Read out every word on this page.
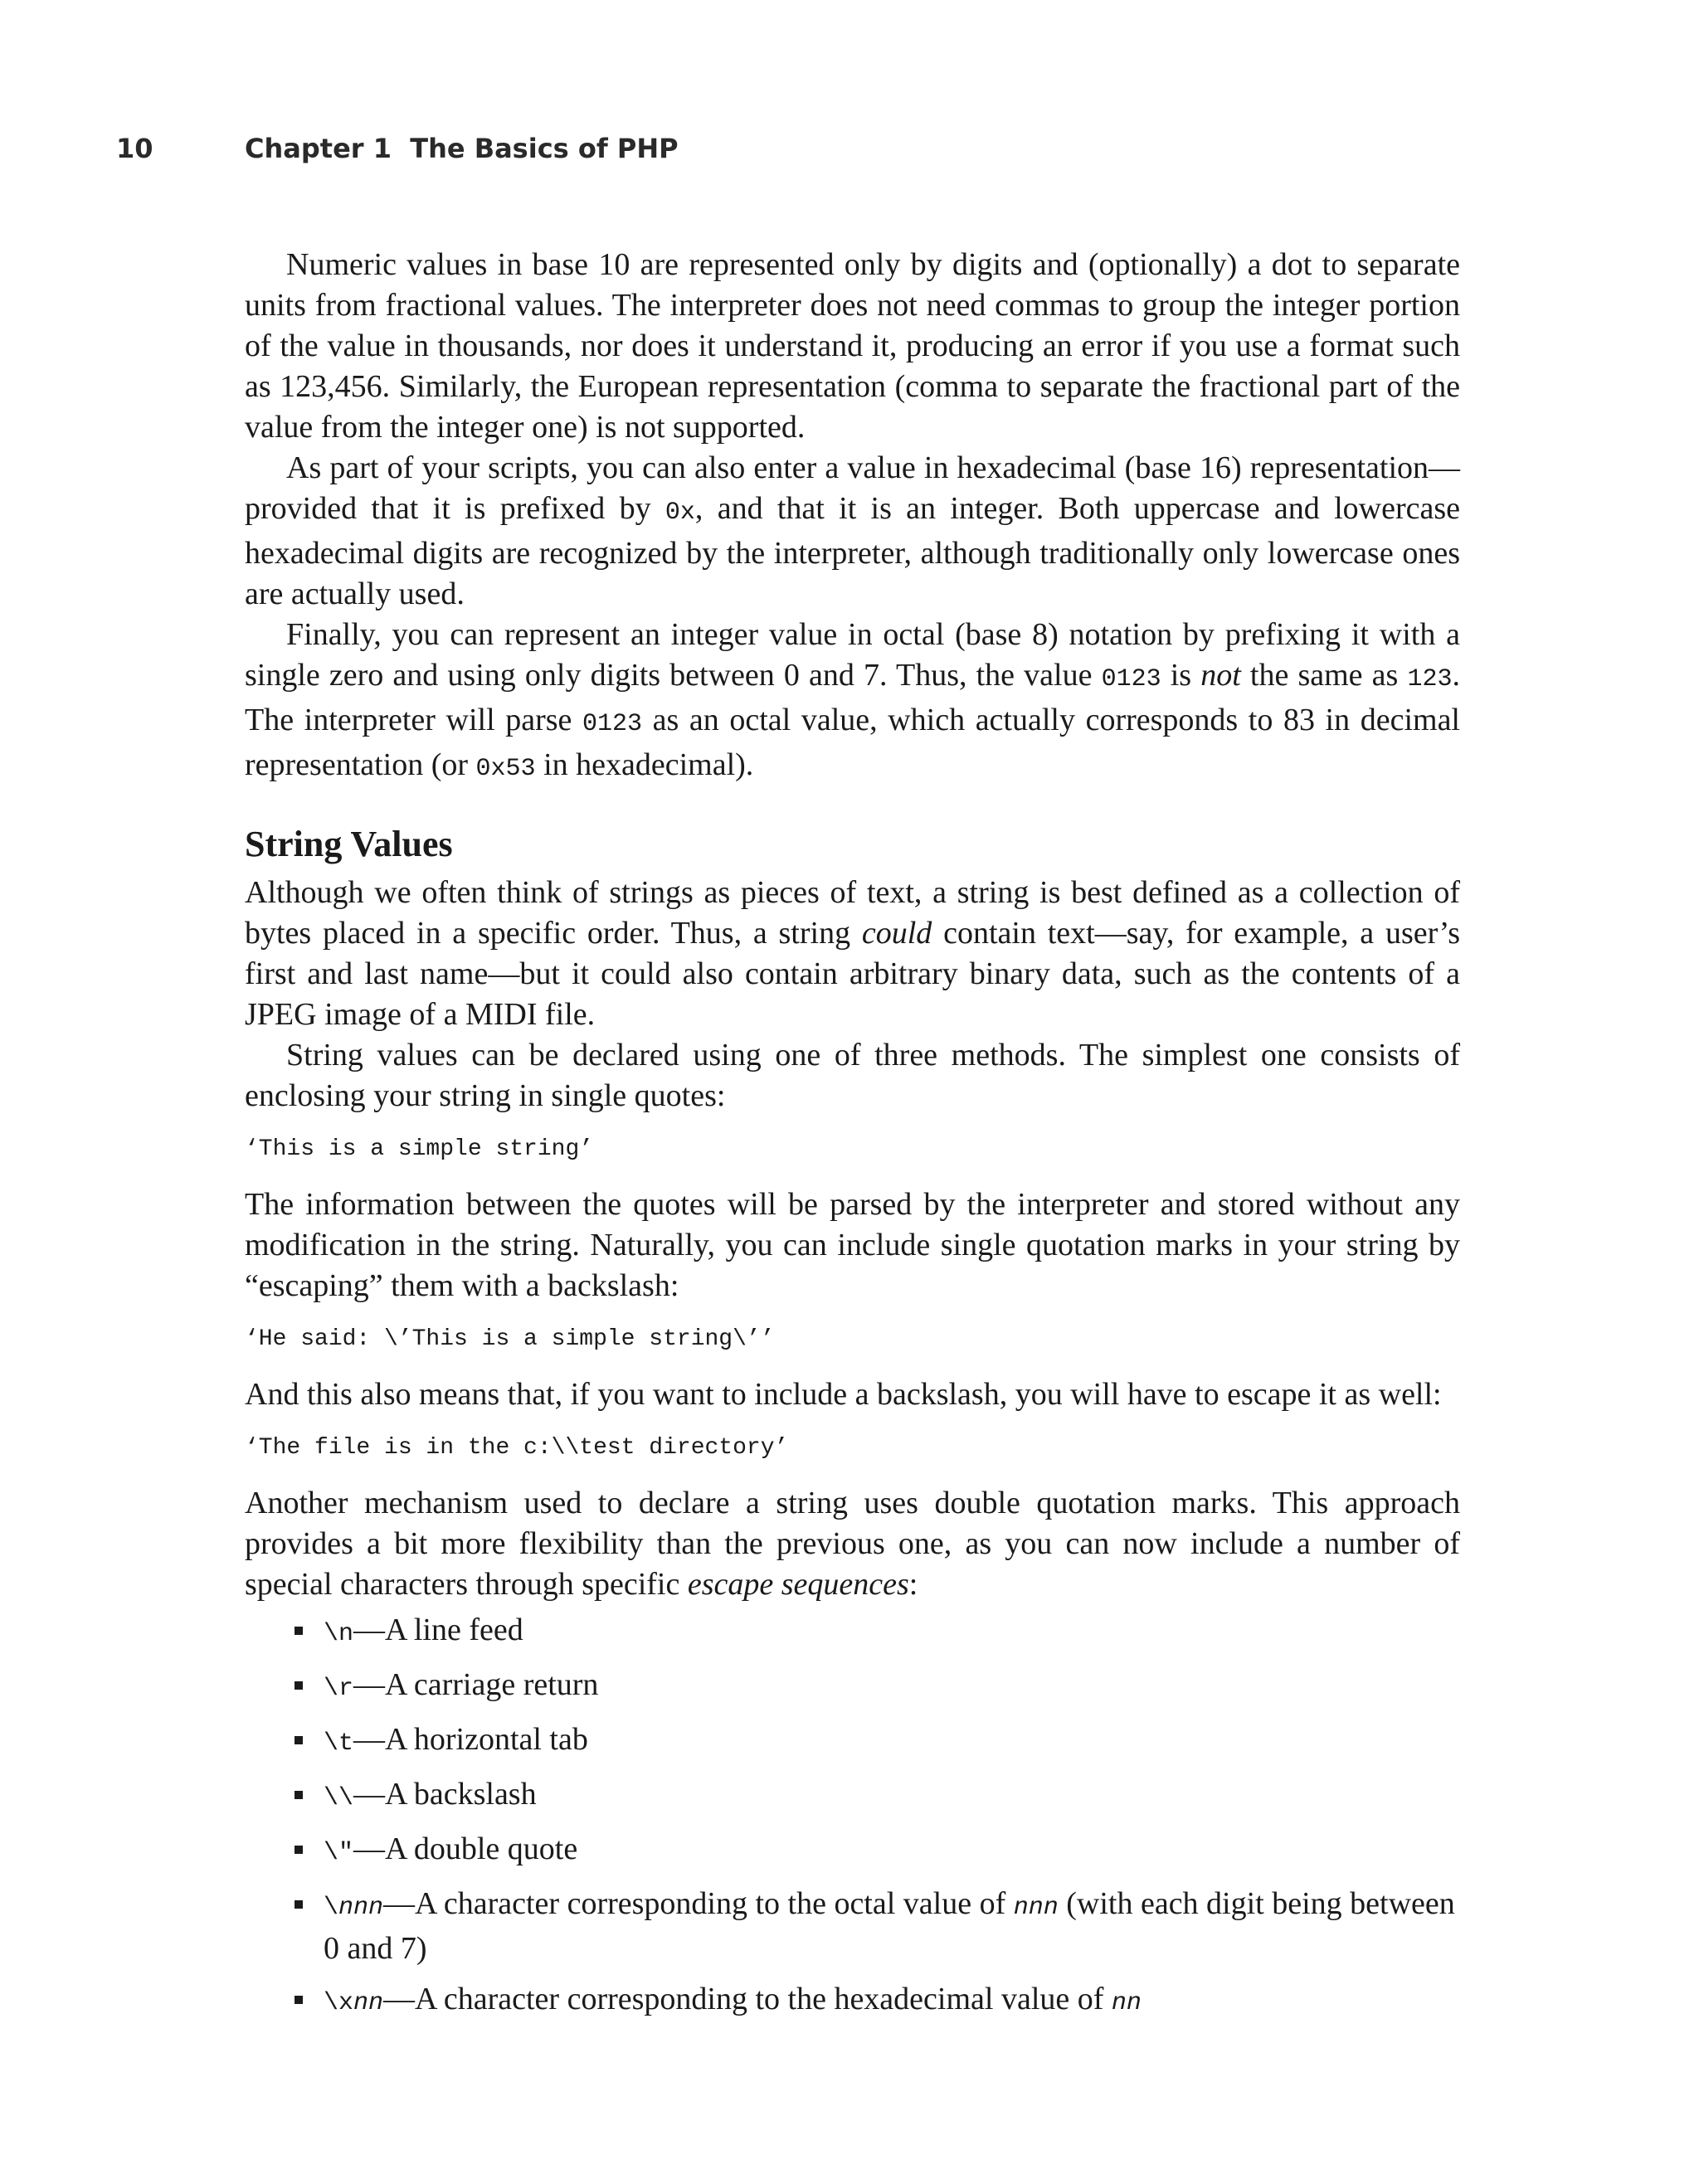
10	Chapter 1  The Basics of PHP

Numeric values in base 10 are represented only by digits and (optionally) a dot to separate units from fractional values. The interpreter does not need commas to group the integer portion of the value in thousands, nor does it understand it, producing an error if you use a format such as 123,456. Similarly, the European representation (comma to separate the fractional part of the value from the integer one) is not supported.

As part of your scripts, you can also enter a value in hexadecimal (base 16) representation—provided that it is prefixed by 0x, and that it is an integer. Both uppercase and lowercase hexadecimal digits are recognized by the interpreter, although traditionally only lowercase ones are actually used.

Finally, you can represent an integer value in octal (base 8) notation by prefixing it with a single zero and using only digits between 0 and 7. Thus, the value 0123 is not the same as 123. The interpreter will parse 0123 as an octal value, which actually corresponds to 83 in decimal representation (or 0x53 in hexadecimal).

String Values

Although we often think of strings as pieces of text, a string is best defined as a collection of bytes placed in a specific order. Thus, a string could contain text—say, for example, a user’s first and last name—but it could also contain arbitrary binary data, such as the contents of a JPEG image of a MIDI file.

String values can be declared using one of three methods. The simplest one consists of enclosing your string in single quotes:

‘This is a simple string’

The information between the quotes will be parsed by the interpreter and stored without any modification in the string. Naturally, you can include single quotation marks in your string by “escaping” them with a backslash:

‘He said: \’This is a simple string\’’

And this also means that, if you want to include a backslash, you will have to escape it as well:

‘The file is in the c:\\test directory’

Another mechanism used to declare a string uses double quotation marks. This approach provides a bit more flexibility than the previous one, as you can now include a number of special characters through specific escape sequences:

\n—A line feed
\r—A carriage return
\t—A horizontal tab
\\—A backslash
\″—A double quote
\nnn—A character corresponding to the octal value of nnn (with each digit being between 0 and 7)
\xnn—A character corresponding to the hexadecimal value of nn
